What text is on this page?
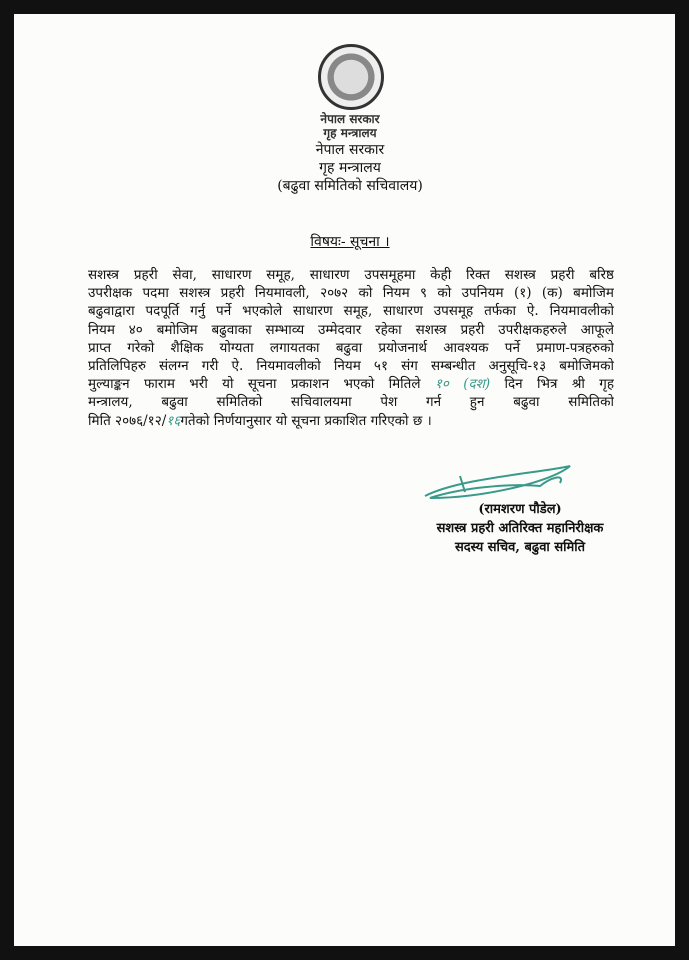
नेपाल सरकार
गृह मन्त्रालय
नेपाल सरकार
गृह मन्त्रालय
(बढुवा समितिको सचिवालय)
विषयः- सूचना ।
सशस्त्र प्रहरी सेवा, साधारण समूह, साधारण उपसमूहमा केही रिक्त सशस्त्र प्रहरी बरिष्ठ
उपरीक्षक पदमा सशस्त्र प्रहरी नियमावली, २०७२ को नियम ९ को उपनियम (१) (क) बमोजिम
बढुवाद्वारा पदपूर्ति गर्नु पर्ने भएकोले साधारण समूह, साधारण उपसमूह तर्फका ऐ. नियमावलीको
नियम ४० बमोजिम बढुवाका सम्भाव्य उम्मेदवार रहेका सशस्त्र प्रहरी उपरीक्षकहरुले आफूले
प्राप्त गरेको शैक्षिक योग्यता लगायतका बढुवा प्रयोजनार्थ आवश्यक पर्ने प्रमाण-पत्रहरुको
प्रतिलिपिहरु संलग्न गरी ऐ. नियमावलीको नियम ५१ संग सम्बन्धीत अनुसूचि-१३ बमोजिमको
मुल्याङ्कन फाराम भरी यो सूचना प्रकाशन भएको मितिले १० (दश) दिन भित्र श्री गृह
मन्त्रालय, बढुवा समितिको सचिवालयमा पेश गर्न हुन बढुवा समितिको
मिति २०७६/१२/१६गतेको निर्णयानुसार यो सूचना प्रकाशित गरिएको छ ।
(रामशरण पौडेल)
सशस्त्र प्रहरी अतिरिक्त महानिरीक्षक
सदस्य सचिव, बढुवा समिति
